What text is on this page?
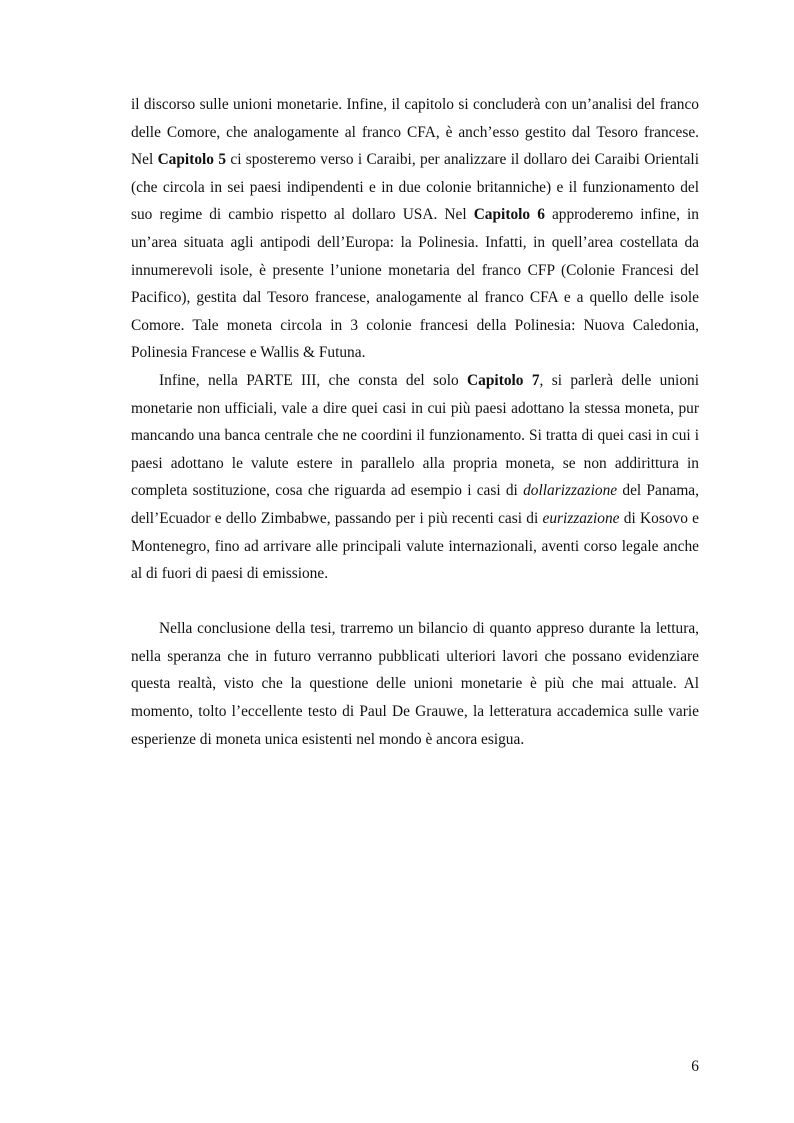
il discorso sulle unioni monetarie. Infine, il capitolo si concluderà con un’analisi del franco delle Comore, che analogamente al franco CFA, è anch’esso gestito dal Tesoro francese. Nel Capitolo 5 ci sposteremo verso i Caraibi, per analizzare il dollaro dei Caraibi Orientali (che circola in sei paesi indipendenti e in due colonie britanniche) e il funzionamento del suo regime di cambio rispetto al dollaro USA. Nel Capitolo 6 approderemo infine, in un’area situata agli antipodi dell’Europa: la Polinesia. Infatti, in quell’area costellata da innumerevoli isole, è presente l’unione monetaria del franco CFP (Colonie Francesi del Pacifico), gestita dal Tesoro francese, analogamente al franco CFA e a quello delle isole Comore. Tale moneta circola in 3 colonie francesi della Polinesia: Nuova Caledonia, Polinesia Francese e Wallis & Futuna.

Infine, nella PARTE III, che consta del solo Capitolo 7, si parlerà delle unioni monetarie non ufficiali, vale a dire quei casi in cui più paesi adottano la stessa moneta, pur mancando una banca centrale che ne coordini il funzionamento. Si tratta di quei casi in cui i paesi adottano le valute estere in parallelo alla propria moneta, se non addirittura in completa sostituzione, cosa che riguarda ad esempio i casi di dollarizzazione del Panama, dell’Ecuador e dello Zimbabwe, passando per i più recenti casi di eurizzazione di Kosovo e Montenegro, fino ad arrivare alle principali valute internazionali, aventi corso legale anche al di fuori di paesi di emissione.

Nella conclusione della tesi, trarremo un bilancio di quanto appreso durante la lettura, nella speranza che in futuro verranno pubblicati ulteriori lavori che possano evidenziare questa realtà, visto che la questione delle unioni monetarie è più che mai attuale. Al momento, tolto l’eccellente testo di Paul De Grauwe, la letteratura accademica sulle varie esperienze di moneta unica esistenti nel mondo è ancora esigua.

6
